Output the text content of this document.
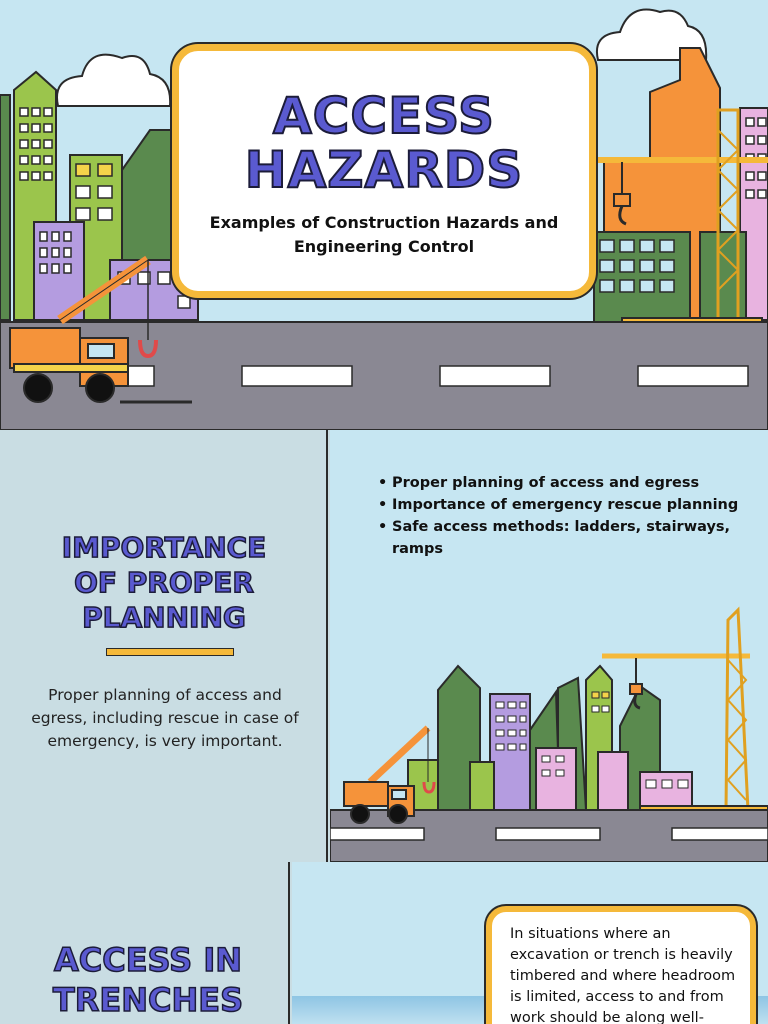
ACCESS
HAZARDS

Examples of Construction Hazards and Engineering Control

IMPORTANCE
OF PROPER
PLANNING

Proper planning of access and egress, including rescue in case of emergency, is very important.

• Proper planning of access and egress
• Importance of emergency rescue planning
• Safe access methods: ladders, stairways, ramps
ACCESS IN
TRENCHES

In situations where an excavation or trench is heavily timbered and where headroom is limited, access to and from work should be along well-
